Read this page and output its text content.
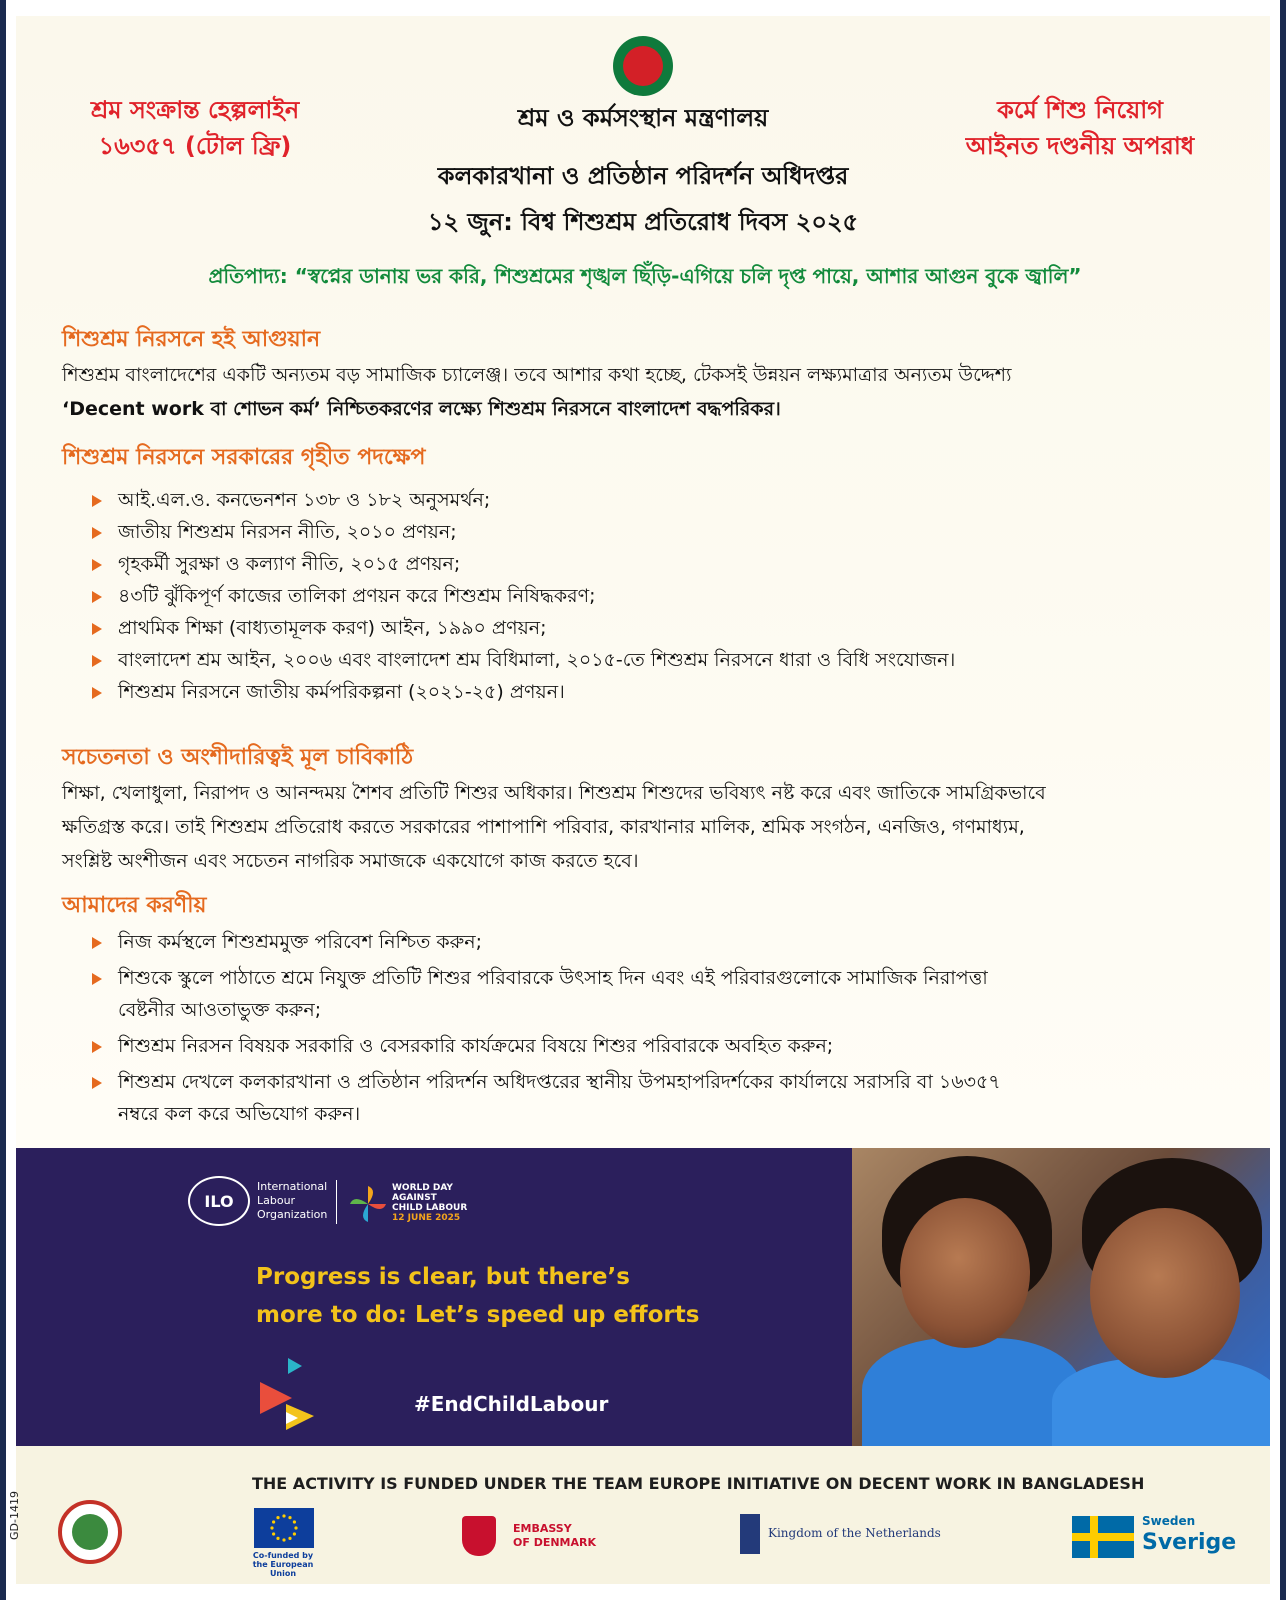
শ্রম সংক্রান্ত হেল্পলাইন
১৬৩৫৭ (টোল ফ্রি)
কর্মে শিশু নিয়োগ
আইনত দণ্ডনীয় অপরাধ
শ্রম ও কর্মসংস্থান মন্ত্রণালয়
কলকারখানা ও প্রতিষ্ঠান পরিদর্শন অধিদপ্তর
১২ জুন: বিশ্ব শিশুশ্রম প্রতিরোধ দিবস ২০২৫
প্রতিপাদ্য: “স্বপ্নের ডানায় ভর করি, শিশুশ্রমের শৃঙ্খল ছিঁড়ি-এগিয়ে চলি দৃপ্ত পায়ে, আশার আগুন বুকে জ্বালি”
শিশুশ্রম নিরসনে হই আগুয়ান
শিশুশ্রম বাংলাদেশের একটি অন্যতম বড় সামাজিক চ্যালেঞ্জ। তবে আশার কথা হচ্ছে, টেকসই উন্নয়ন লক্ষ্যমাত্রার অন্যতম উদ্দেশ্য
‘Decent work বা শোভন কর্ম’ নিশ্চিতকরণের লক্ষ্যে শিশুশ্রম নিরসনে বাংলাদেশ বদ্ধপরিকর।
শিশুশ্রম নিরসনে সরকারের গৃহীত পদক্ষেপ
আই.এল.ও. কনভেনশন ১৩৮ ও ১৮২ অনুসমর্থন;
জাতীয় শিশুশ্রম নিরসন নীতি, ২০১০ প্রণয়ন;
গৃহকর্মী সুরক্ষা ও কল্যাণ নীতি, ২০১৫ প্রণয়ন;
৪৩টি ঝুঁকিপূর্ণ কাজের তালিকা প্রণয়ন করে শিশুশ্রম নিষিদ্ধকরণ;
প্রাথমিক শিক্ষা (বাধ্যতামূলক করণ) আইন, ১৯৯০ প্রণয়ন;
বাংলাদেশ শ্রম আইন, ২০০৬ এবং বাংলাদেশ শ্রম বিধিমালা, ২০১৫-তে শিশুশ্রম নিরসনে ধারা ও বিধি সংযোজন।
শিশুশ্রম নিরসনে জাতীয় কর্মপরিকল্পনা (২০২১-২৫) প্রণয়ন।
সচেতনতা ও অংশীদারিত্বই মূল চাবিকাঠি
শিক্ষা, খেলাধুলা, নিরাপদ ও আনন্দময় শৈশব প্রতিটি শিশুর অধিকার। শিশুশ্রম শিশুদের ভবিষ্যৎ নষ্ট করে এবং জাতিকে সামগ্রিকভাবে
ক্ষতিগ্রস্ত করে। তাই শিশুশ্রম প্রতিরোধ করতে সরকারের পাশাপাশি পরিবার, কারখানার মালিক, শ্রমিক সংগঠন, এনজিও, গণমাধ্যম,
সংশ্লিষ্ট অংশীজন এবং সচেতন নাগরিক সমাজকে একযোগে কাজ করতে হবে।
আমাদের করণীয়
নিজ কর্মস্থলে শিশুশ্রমমুক্ত পরিবেশ নিশ্চিত করুন;
শিশুকে স্কুলে পাঠাতে শ্রমে নিযুক্ত প্রতিটি শিশুর পরিবারকে উৎসাহ দিন এবং এই পরিবারগুলোকে সামাজিক নিরাপত্তা
বেষ্টনীর আওতাভুক্ত করুন;
শিশুশ্রম নিরসন বিষয়ক সরকারি ও বেসরকারি কার্যক্রমের বিষয়ে শিশুর পরিবারকে অবহিত করুন;
শিশুশ্রম দেখলে কলকারখানা ও প্রতিষ্ঠান পরিদর্শন অধিদপ্তরের স্থানীয় উপমহাপরিদর্শকের কার্যালয়ে সরাসরি বা ১৬৩৫৭
নম্বরে কল করে অভিযোগ করুন।
ILO
International
Labour
Organization
WORLD DAY
AGAINST
CHILD LABOUR
12 JUNE 2025
Progress is clear, but there’s
more to do: Let’s speed up efforts
#EndChildLabour
THE ACTIVITY IS FUNDED UNDER THE TEAM EUROPE INITIATIVE ON DECENT WORK IN BANGLADESH
GD-1419
Co-funded by the European Union
EMBASSY
OF DENMARK
Kingdom of the Netherlands
Sweden
Sverige
